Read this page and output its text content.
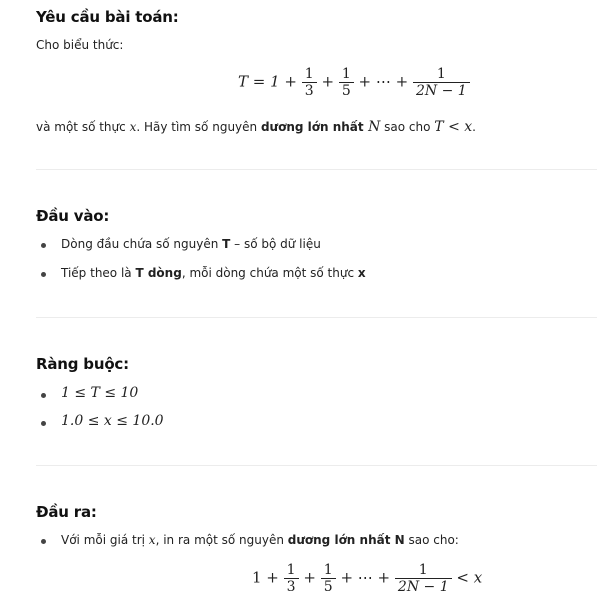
Yêu cầu bài toán:
Cho biểu thức:
$T = 1 + \frac{1}{3} + \frac{1}{5}$ + ⋯ + $\frac{1}{2N - 1}$
và một số thực x. Hãy tìm số nguyên dương lớn nhất N sao cho T < x.
Đầu vào:
Dòng đầu chứa số nguyên T – số bộ dữ liệu
Tiếp theo là T dòng, mỗi dòng chứa một số thực x
Ràng buộc:
1 ≤ T ≤ 10
1.0 ≤ x ≤ 10.0
Đầu ra:
Với mỗi giá trị x, in ra một số nguyên dương lớn nhất N sao cho:
$1 + \frac{1}{3} + \frac{1}{5}$ + ⋯ + $\frac{1}{2N - 1} < x$
